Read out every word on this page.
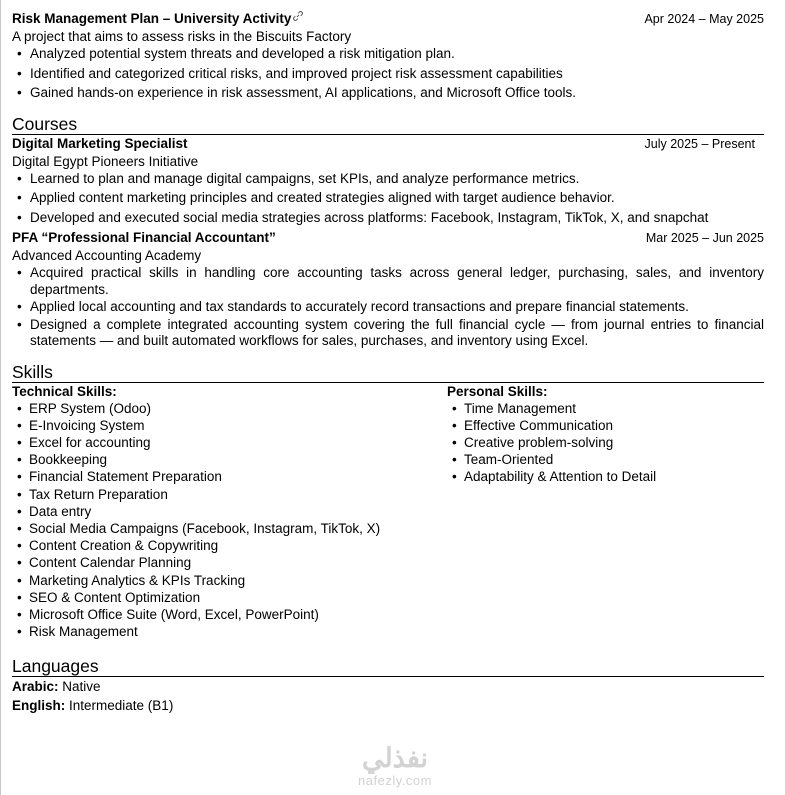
Risk Management Plan – University Activity	Apr 2024 – May 2025
A project that aims to assess risks in the Biscuits Factory
• Analyzed potential system threats and developed a risk mitigation plan.
• Identified and categorized critical risks, and improved project risk assessment capabilities
• Gained hands-on experience in risk assessment, AI applications, and Microsoft Office tools.
Courses
Digital Marketing Specialist	July 2025 – Present
Digital Egypt Pioneers Initiative
• Learned to plan and manage digital campaigns, set KPIs, and analyze performance metrics.
• Applied content marketing principles and created strategies aligned with target audience behavior.
• Developed and executed social media strategies across platforms: Facebook, Instagram, TikTok, X, and snapchat
PFA “Professional Financial Accountant”	Mar 2025 – Jun 2025
Advanced Accounting Academy
• Acquired practical skills in handling core accounting tasks across general ledger, purchasing, sales, and inventory departments.
• Applied local accounting and tax standards to accurately record transactions and prepare financial statements.
• Designed a complete integrated accounting system covering the full financial cycle — from journal entries to financial statements — and built automated workflows for sales, purchases, and inventory using Excel.
Skills
Technical Skills:
• ERP System (Odoo)
• E-Invoicing System
• Excel for accounting
• Bookkeeping
• Financial Statement Preparation
• Tax Return Preparation
• Data entry
• Social Media Campaigns (Facebook, Instagram, TikTok, X)
• Content Creation & Copywriting
• Content Calendar Planning
• Marketing Analytics & KPIs Tracking
• SEO & Content Optimization
• Microsoft Office Suite (Word, Excel, PowerPoint)
• Risk Management
Personal Skills:
• Time Management
• Effective Communication
• Creative problem-solving
• Team-Oriented
• Adaptability & Attention to Detail
Languages
Arabic: Native
English: Intermediate (B1)
نفذلي
nafezly.com
